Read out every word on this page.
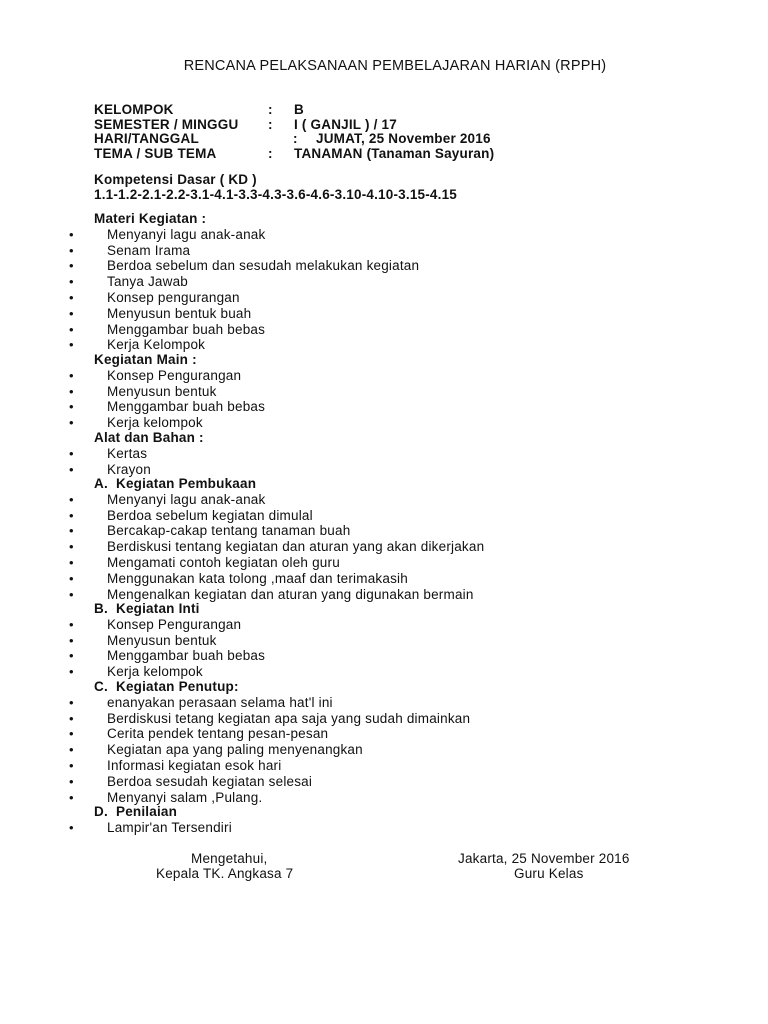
RENCANA PELAKSANAAN PEMBELAJARAN HARIAN (RPPH)
KELOMPOK	: B
SEMESTER / MINGGU : I ( GANJIL ) / 17
HARI/TANGGAL	: JUMAT, 25 November 2016
TEMA / SUB TEMA	: TANAMAN (Tanaman Sayuran)
Kompetensi Dasar ( KD )
1.1-1.2-2.1-2.2-3.1-4.1-3.3-4.3-3.6-4.6-3.10-4.10-3.15-4.15
Materi Kegiatan :
• Menyanyi lagu anak-anak
• Senam Irama
• Berdoa sebelum dan sesudah melakukan kegiatan
• Tanya Jawab
• Konsep pengurangan
• Menyusun bentuk buah
• Menggambar buah bebas
• Kerja Kelompok
Kegiatan Main :
• Konsep Pengurangan
• Menyusun bentuk
• Menggambar buah bebas
• Kerja kelompok
Alat dan Bahan :
• Kertas
• Krayon
A. Kegiatan Pembukaan
• Menyanyi lagu anak-anak
• Berdoa sebelum kegiatan dimulal
• Bercakap-cakap tentang tanaman buah
• Berdiskusi tentang kegiatan dan aturan yang akan dikerjakan
• Mengamati contoh kegiatan oleh guru
• Menggunakan kata tolong ,maaf dan terimakasih
• Mengenalkan kegiatan dan aturan yang digunakan bermain
B. Kegiatan Inti
• Konsep Pengurangan
• Menyusun bentuk
• Menggambar buah bebas
• Kerja kelompok
C. Kegiatan Penutup:
• enanyakan perasaan selama hat'l ini
• Berdiskusi tetang kegiatan apa saja yang sudah dimainkan
• Cerita pendek tentang pesan-pesan
• Kegiatan apa yang paling menyenangkan
• Informasi kegiatan esok hari
• Berdoa sesudah kegiatan selesai
• Menyanyi salam ,Pulang.
D. Penilaian
• Lampir'an Tersendiri
Mengetahui,
Kepala TK. Angkasa 7
Jakarta, 25 November 2016
Guru Kelas
